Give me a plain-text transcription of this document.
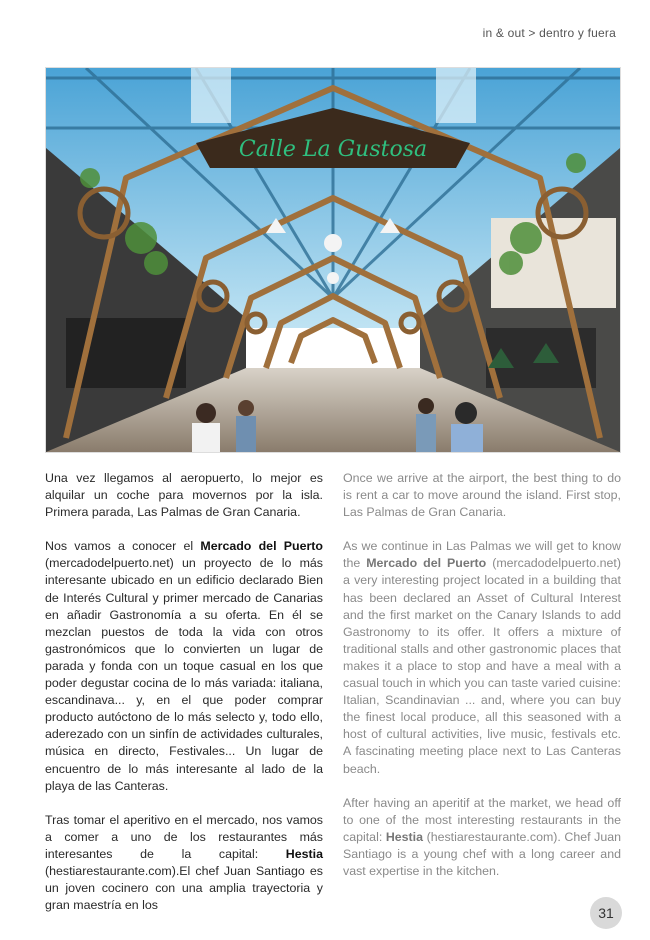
in & out > dentro y fuera
Calle La Gustosa

Una vez llegamos al aeropuerto, lo mejor es alquilar un coche para movernos por la isla. Primera parada, Las Palmas de Gran Canaria.

Nos vamos a conocer el Mercado del Puerto (mercadodelpuerto.net) un proyecto de lo más interesante ubicado en un edificio declarado Bien de Interés Cultural y primer mercado de Canarias en añadir Gastronomía a su oferta. En él se mezclan puestos de toda la vida con otros gastronómicos que lo convierten un lugar de parada y fonda con un toque casual en los que poder degustar cocina de lo más variada: italiana, escandinava... y, en el que poder comprar producto autóctono de lo más selecto y, todo ello, aderezado con un sinfín de actividades culturales, música en directo, Festivales... Un lugar de encuentro de lo más interesante al lado de la playa de las Canteras.

Tras tomar el aperitivo en el mercado, nos vamos a comer a uno de los restaurantes más interesantes de la capital: Hestia (hestiarestaurante.com).El chef Juan Santiago es un joven cocinero con una amplia trayectoria y gran maestría en los

Once we arrive at the airport, the best thing to do is rent a car to move around the island. First stop, Las Palmas de Gran Canaria.

As we continue in Las Palmas we will get to know the Mercado del Puerto (mercadodelpuerto.net) a very interesting project located in a building that has been declared an Asset of Cultural Interest and the first market on the Canary Islands to add Gastronomy to its offer. It offers a mixture of traditional stalls and other gastronomic places that makes it a place to stop and have a meal with a casual touch in which you can taste varied cuisine: Italian, Scandinavian ... and, where you can buy the finest local produce, all this seasoned with a host of cultural activities, live music, festivals etc. A fascinating meeting place next to Las Canteras beach.

After having an aperitif at the market, we head off to one of the most interesting restaurants in the capital: Hestia (hestiarestaurante.com). Chef Juan Santiago is a young chef with a long career and vast expertise in the kitchen.

31
